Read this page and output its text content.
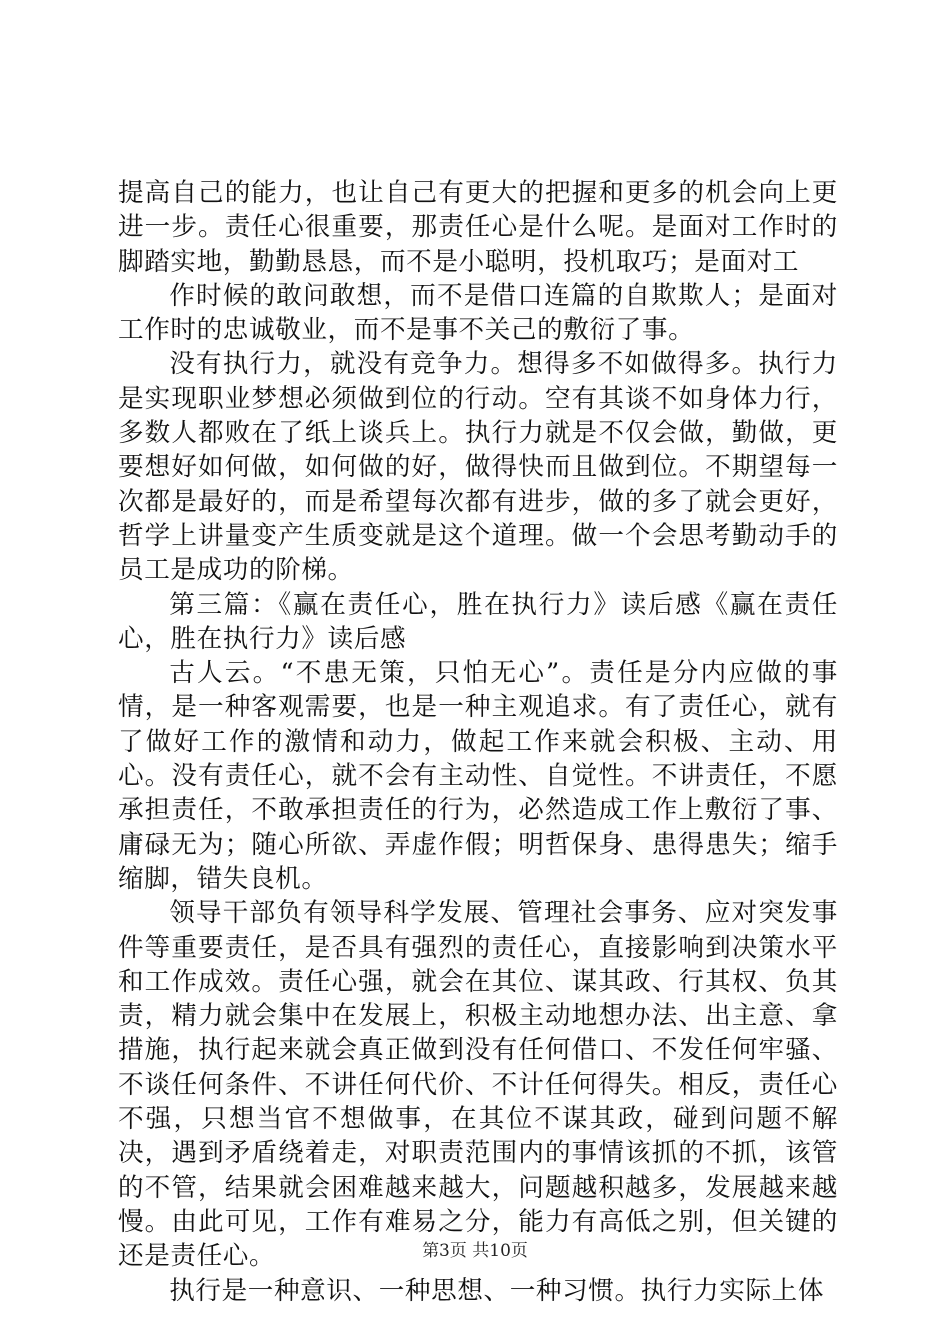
提高自己的能力，也让自己有更大的把握和更多的机会向上更进一步。责任心很重要，那责任心是什么呢。是面对工作时的脚踏实地，勤勤恳恳，而不是小聪明，投机取巧；是面对工

作时候的敢问敢想，而不是借口连篇的自欺欺人；是面对工作时的忠诚敬业，而不是事不关己的敷衍了事。

没有执行力，就没有竞争力。想得多不如做得多。执行力是实现职业梦想必须做到位的行动。空有其谈不如身体力行，多数人都败在了纸上谈兵上。执行力就是不仅会做，勤做，更要想好如何做，如何做的好，做得快而且做到位。不期望每一次都是最好的，而是希望每次都有进步，做的多了就会更好，哲学上讲量变产生质变就是这个道理。做一个会思考勤动手的员工是成功的阶梯。

第三篇：《赢在责任心，胜在执行力》读后感《赢在责任心，胜在执行力》读后感

古人云。“不患无策，只怕无心”。责任是分内应做的事情，是一种客观需要，也是一种主观追求。有了责任心，就有了做好工作的激情和动力，做起工作来就会积极、主动、用心。没有责任心，就不会有主动性、自觉性。不讲责任，不愿承担责任，不敢承担责任的行为，必然造成工作上敷衍了事、庸碌无为；随心所欲、弄虚作假；明哲保身、患得患失；缩手缩脚，错失良机。

领导干部负有领导科学发展、管理社会事务、应对突发事件等重要责任，是否具有强烈的责任心，直接影响到决策水平和工作成效。责任心强，就会在其位、谋其政、行其权、负其责，精力就会集中在发展上，积极主动地想办法、出主意、拿措施，执行起来就会真正做到没有任何借口、不发任何牢骚、不谈任何条件、不讲任何代价、不计任何得失。相反，责任心不强，只想当官不想做事，在其位不谋其政，碰到问题不解决，遇到矛盾绕着走，对职责范围内的事情该抓的不抓，该管的不管，结果就会困难越来越大，问题越积越多，发展越来越慢。由此可见，工作有难易之分，能力有高低之别，但关键的还是责任心。

执行是一种意识、一种思想、一种习惯。执行力实际上体

第3页 共10页
